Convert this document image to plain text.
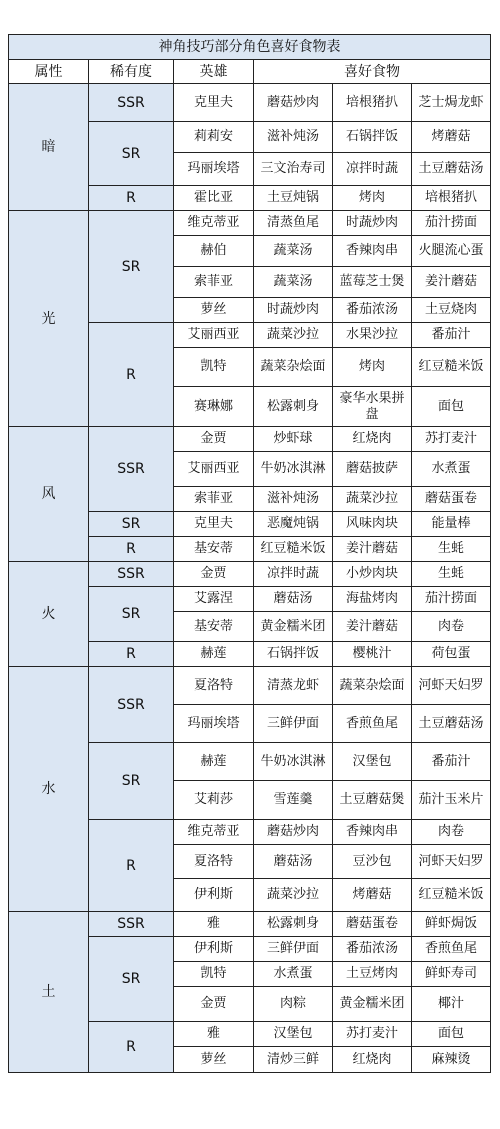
神角技巧部分角色喜好食物表					
属性	稀有度	英雄	喜好食物		
暗	SSR	克里夫	蘑菇炒肉	培根猪扒	芝士焗龙虾
	SR	莉莉安	滋补炖汤	石锅拌饭	烤蘑菇
		玛丽埃塔	三文治寿司	凉拌时蔬	土豆蘑菇汤
	R	霍比亚	土豆炖锅	烤肉	培根猪扒
光	SR	维克蒂亚	清蒸鱼尾	时蔬炒肉	茄汁捞面
		赫伯	蔬菜汤	香辣肉串	火腿流心蛋
		索菲亚	蔬菜汤	蓝莓芝士煲	姜汁蘑菇
		萝丝	时蔬炒肉	番茄浓汤	土豆烧肉
	R	艾丽西亚	蔬菜沙拉	水果沙拉	番茄汁
		凯特	蔬菜杂烩面	烤肉	红豆糙米饭
		赛琳娜	松露刺身	豪华水果拼盘	面包
风	SSR	金贾	炒虾球	红烧肉	苏打麦汁
		艾丽西亚	牛奶冰淇淋	蘑菇披萨	水煮蛋
		索菲亚	滋补炖汤	蔬菜沙拉	蘑菇蛋卷
	SR	克里夫	恶魔炖锅	风味肉块	能量棒
	R	基安蒂	红豆糙米饭	姜汁蘑菇	生蚝
火	SSR	金贾	凉拌时蔬	小炒肉块	生蚝
	SR	艾露涅	蘑菇汤	海盐烤肉	茄汁捞面
		基安蒂	黄金糯米团	姜汁蘑菇	肉卷
	R	赫莲	石锅拌饭	樱桃汁	荷包蛋
水	SSR	夏洛特	清蒸龙虾	蔬菜杂烩面	河虾天妇罗
		玛丽埃塔	三鲜伊面	香煎鱼尾	土豆蘑菇汤
	SR	赫莲	牛奶冰淇淋	汉堡包	番茄汁
		艾莉莎	雪莲羹	土豆蘑菇煲	茄汁玉米片
	R	维克蒂亚	蘑菇炒肉	香辣肉串	肉卷
		夏洛特	蘑菇汤	豆沙包	河虾天妇罗
		伊利斯	蔬菜沙拉	烤蘑菇	红豆糙米饭
土	SSR	雅	松露刺身	蘑菇蛋卷	鲜虾焗饭
	SR	伊利斯	三鲜伊面	番茄浓汤	香煎鱼尾
		凯特	水煮蛋	土豆烤肉	鲜虾寿司
		金贾	肉粽	黄金糯米团	椰汁
	R	雅	汉堡包	苏打麦汁	面包
		萝丝	清炒三鲜	红烧肉	麻辣烫
